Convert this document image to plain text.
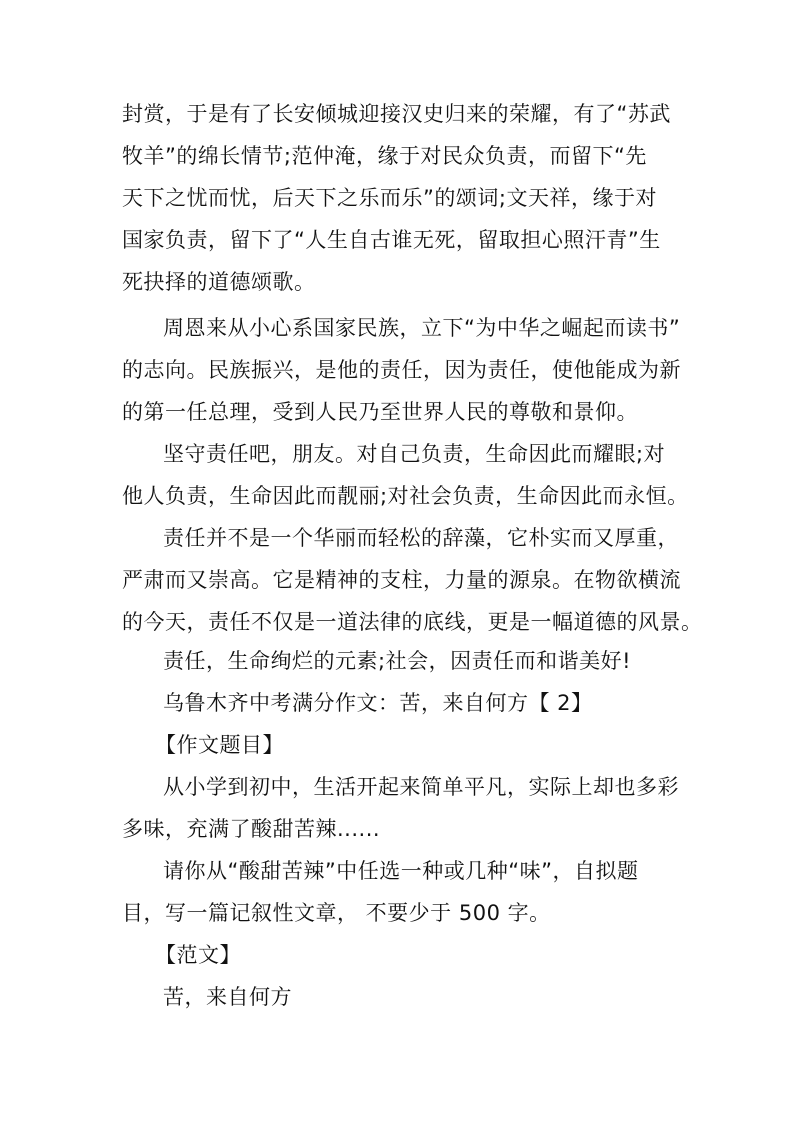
封赏，于是有了长安倾城迎接汉史归来的荣耀，有了“苏武
牧羊”的绵长情节;范仲淹，缘于对民众负责，而留下“先
天下之忧而忧，后天下之乐而乐”的颂词;文天祥，缘于对
国家负责，留下了“人生自古谁无死，留取担心照汗青”生
死抉择的道德颂歌。
周恩来从小心系国家民族，立下“为中华之崛起而读书”
的志向。民族振兴，是他的责任，因为责任，使他能成为新
的第一任总理，受到人民乃至世界人民的尊敬和景仰。
坚守责任吧，朋友。对自己负责，生命因此而耀眼;对
他人负责，生命因此而靓丽;对社会负责，生命因此而永恒。
责任并不是一个华丽而轻松的辞藻，它朴实而又厚重，
严肃而又崇高。它是精神的支柱，力量的源泉。在物欲横流
的今天，责任不仅是一道法律的底线，更是一幅道德的风景。
责任，生命绚烂的元素;社会，因责任而和谐美好!
乌鲁木齐中考满分作文：苦，来自何方【 2】
【作文题目】
从小学到初中，生活开起来简单平凡，实际上却也多彩
多味，充满了酸甜苦辣......
请你从“酸甜苦辣”中任选一种或几种“味”，自拟题
目，写一篇记叙性文章， 不要少于 500 字。
【范文】
苦，来自何方
